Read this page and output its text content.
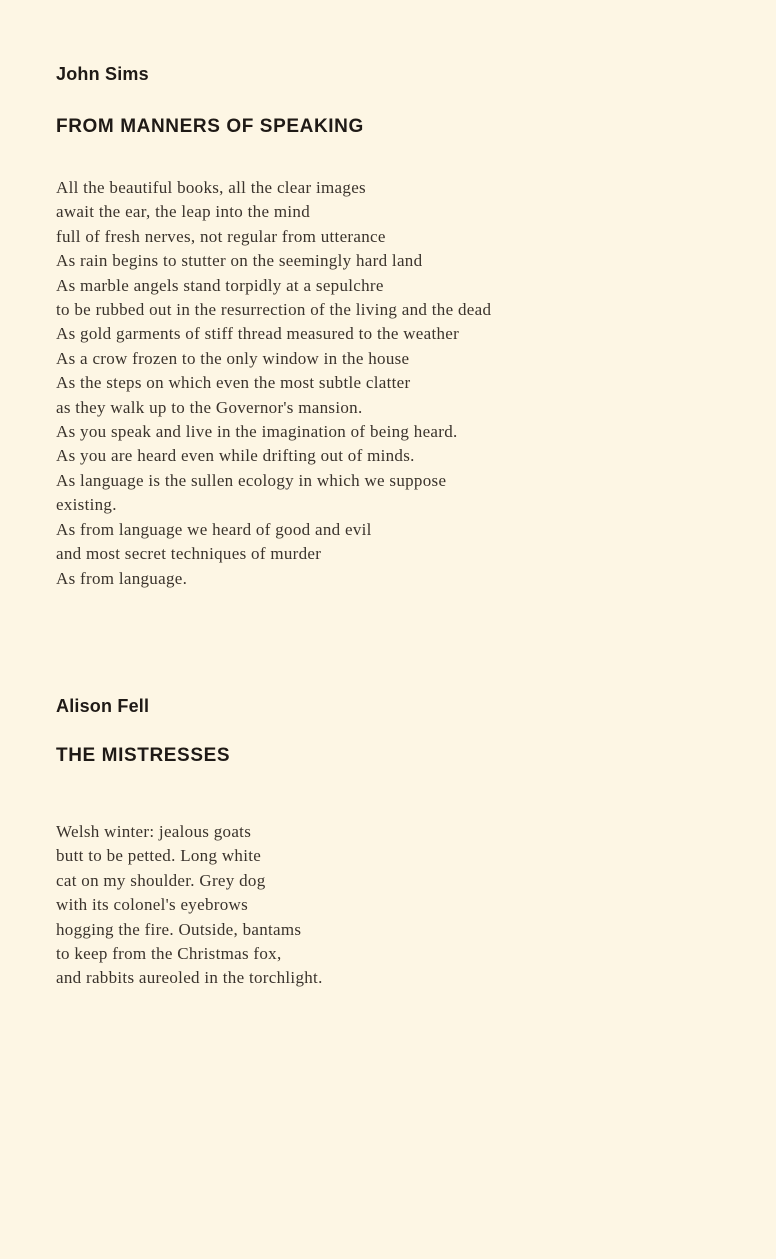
John Sims
FROM MANNERS OF SPEAKING
All the beautiful books, all the clear images
await the ear, the leap into the mind
full of fresh nerves, not regular from utterance
As rain begins to stutter on the seemingly hard land
As marble angels stand torpidly at a sepulchre
to be rubbed out in the resurrection of the living and the dead
As gold garments of stiff thread measured to the weather
As a crow frozen to the only window in the house
As the steps on which even the most subtle clatter
as they walk up to the Governor's mansion.
As you speak and live in the imagination of being heard.
As you are heard even while drifting out of minds.
As language is the sullen ecology in which we suppose
existing.
As from language we heard of good and evil
and most secret techniques of murder
As from language.
Alison Fell
THE MISTRESSES
Welsh winter: jealous goats
butt to be petted. Long white
cat on my shoulder. Grey dog
with its colonel's eyebrows
hogging the fire. Outside, bantams
to keep from the Christmas fox,
and rabbits aureoled in the torchlight.
